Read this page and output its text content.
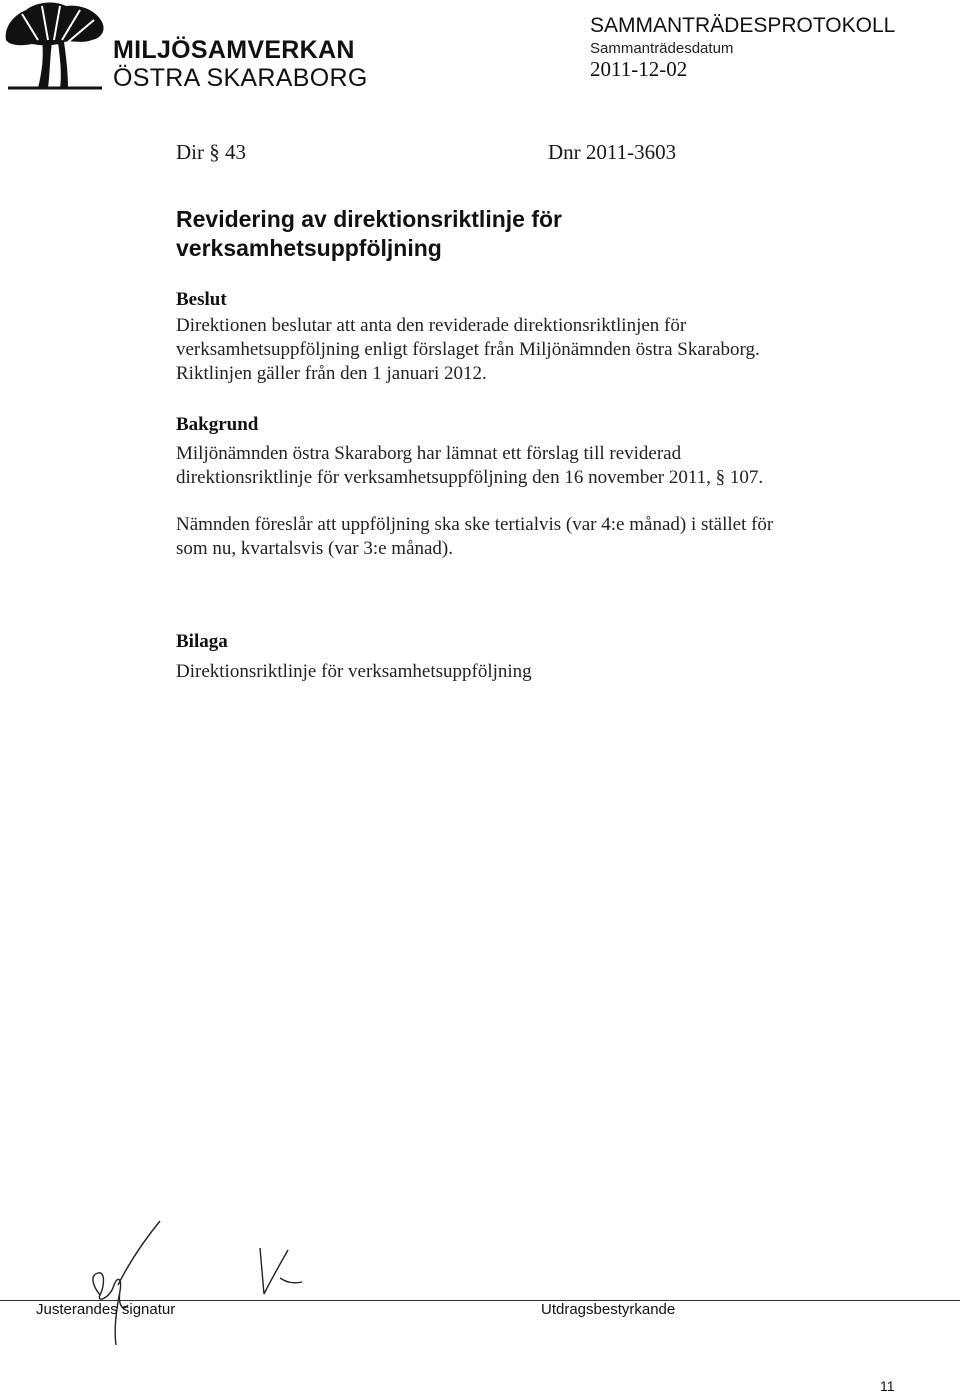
MILJÖSAMVERKAN
ÖSTRA SKARABORG
SAMMANTRÄDESPROTOKOLL
Sammanträdesdatum
2011-12-02
Dir § 43	Dnr 2011-3603
Revidering av direktionsriktlinje för
verksamhetsuppföljning
Beslut
Direktionen beslutar att anta den reviderade direktionsriktlinjen för
verksamhetsuppföljning enligt förslaget från Miljönämnden östra Skaraborg.
Riktlinjen gäller från den 1 januari 2012.
Bakgrund
Miljönämnden östra Skaraborg har lämnat ett förslag till reviderad
direktionsriktlinje för verksamhetsuppföljning den 16 november 2011, § 107.
Nämnden föreslår att uppföljning ska ske tertialvis (var 4:e månad) i stället för
som nu, kvartalsvis (var 3:e månad).
Bilaga
Direktionsriktlinje för verksamhetsuppföljning
Justerandes signatur	Utdragsbestyrkande
11
